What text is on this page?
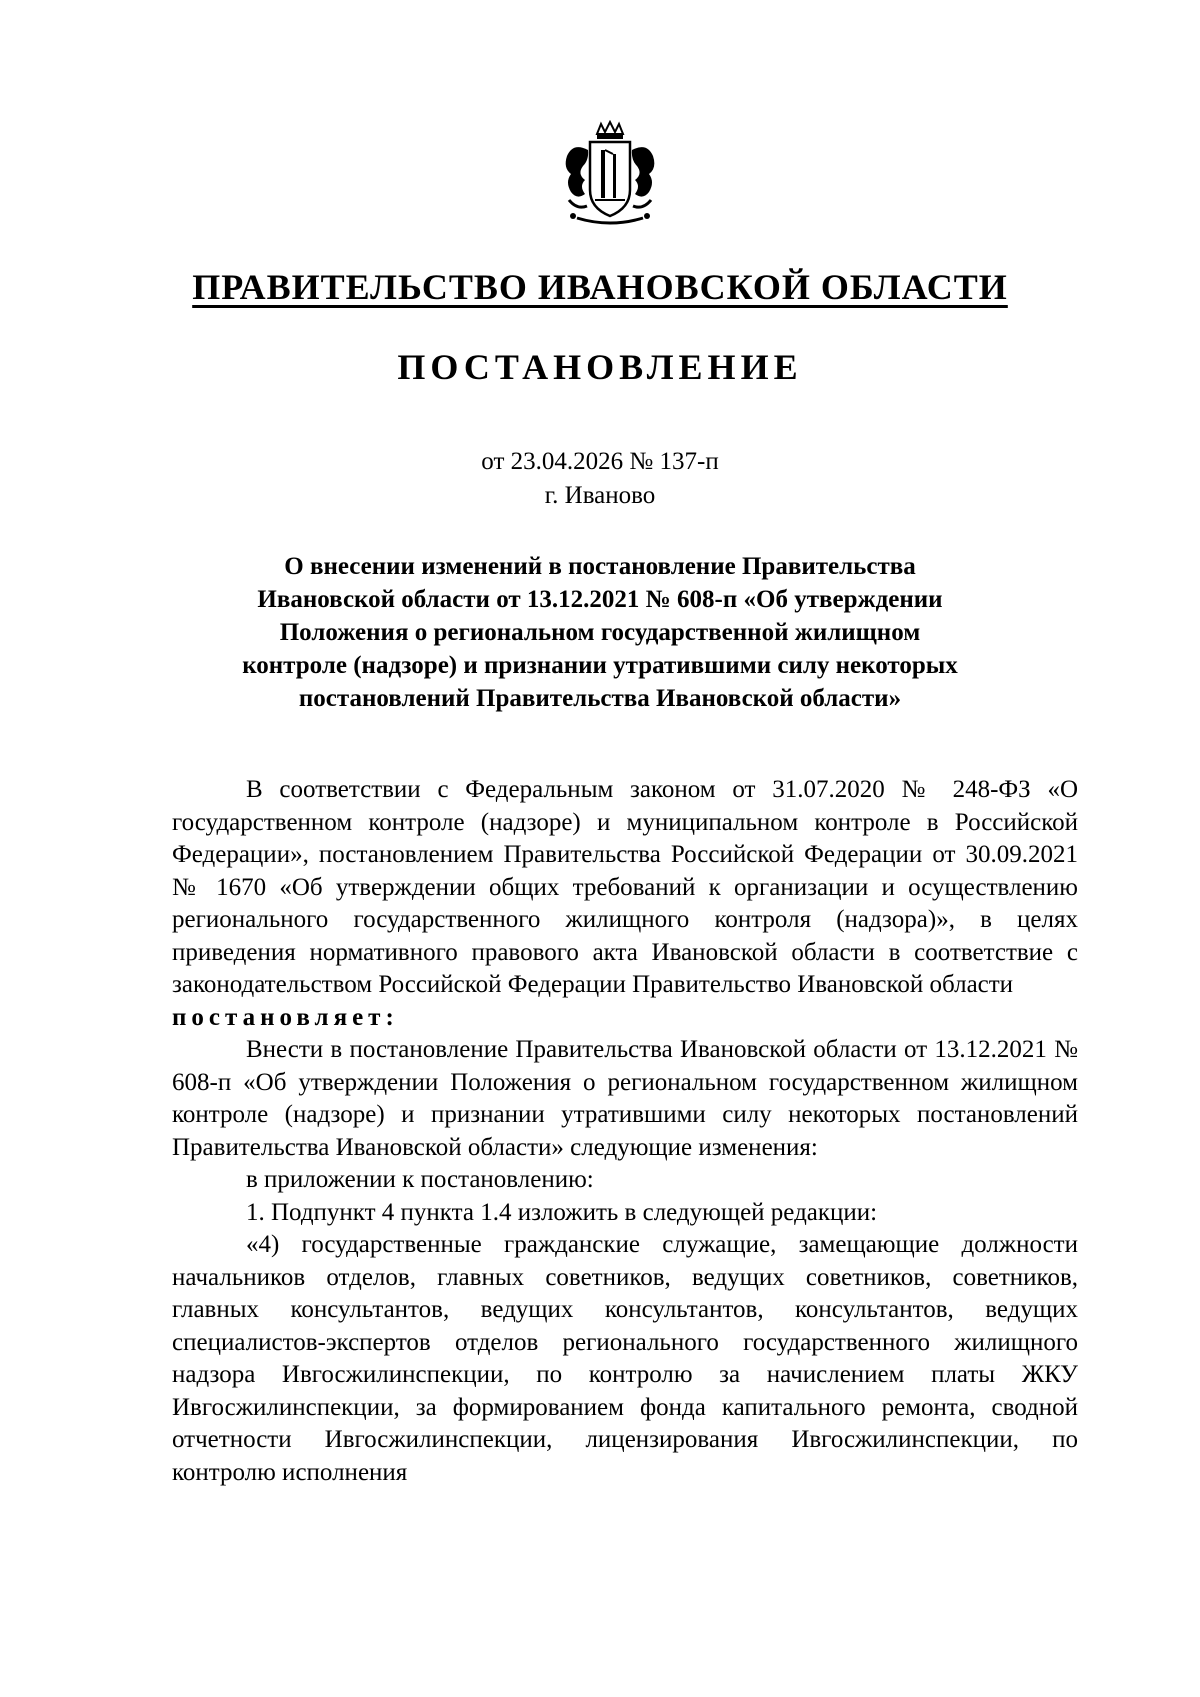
ПРАВИТЕЛЬСТВО ИВАНОВСКОЙ ОБЛАСТИ
ПОСТАНОВЛЕНИЕ
от 23.04.2026 № 137-п
г. Иваново
О внесении изменений в постановление Правительства
Ивановской области от 13.12.2021 № 608-п «Об утверждении
Положения о региональном государственной жилищном
контроле (надзоре) и признании утратившими силу некоторых
постановлений Правительства Ивановской области»

В соответствии с Федеральным законом от 31.07.2020 № 248-ФЗ «О государственном контроле (надзоре) и муниципальном контроле в Российской Федерации», постановлением Правительства Российской Федерации от 30.09.2021 № 1670 «Об утверждении общих требований к организации и осуществлению регионального государственного жилищного контроля (надзора)», в целях приведения нормативного правового акта Ивановской области в соответствие с законодательством Российской Федерации Правительство Ивановской области
постановляет:

Внести в постановление Правительства Ивановской области от 13.12.2021 № 608-п «Об утверждении Положения о региональном государственном жилищном контроле (надзоре) и признании утратившими силу некоторых постановлений Правительства Ивановской области» следующие изменения:

в приложении к постановлению:

1. Подпункт 4 пункта 1.4 изложить в следующей редакции:

«4) государственные гражданские служащие, замещающие должности начальников отделов, главных советников, ведущих советников, советников, главных консультантов, ведущих консультантов, консультантов, ведущих специалистов-экспертов отделов регионального государственного жилищного надзора Ивгосжилинспекции, по контролю за начислением платы ЖКУ Ивгосжилинспекции, за формированием фонда капитального ремонта, сводной отчетности Ивгосжилинспекции, лицензирования Ивгосжилинспекции, по контролю исполнения
